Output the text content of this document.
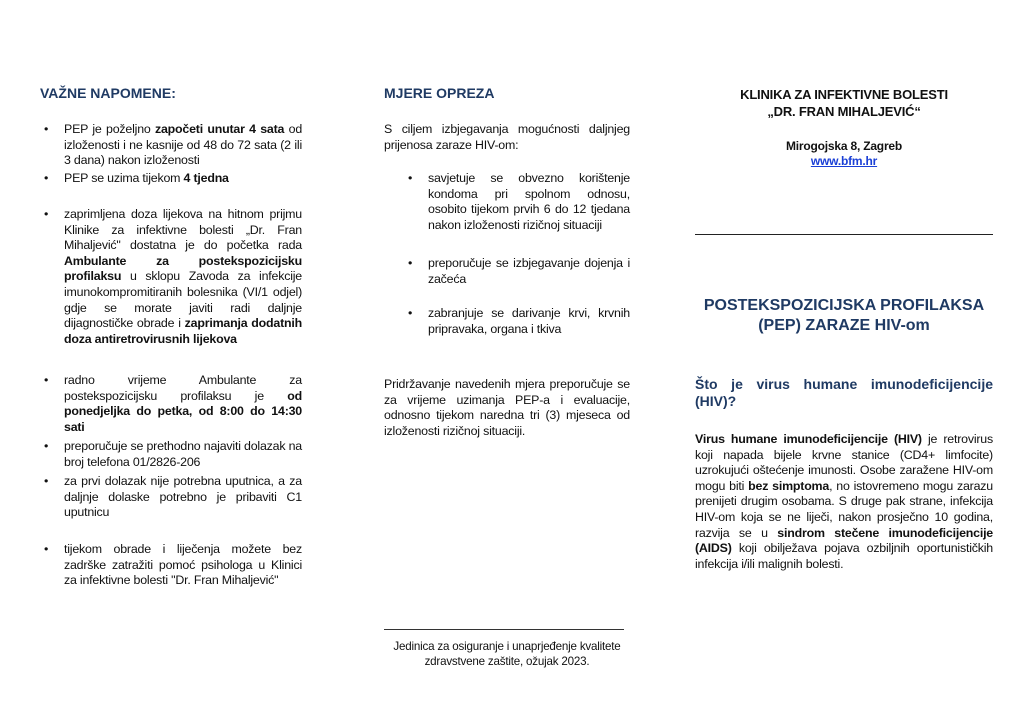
VAŽNE NAPOMENE:
• PEP je poželjno započeti unutar 4 sata od izloženosti i ne kasnije od 48 do 72 sata (2 ili 3 dana) nakon izloženosti
• PEP se uzima tijekom 4 tjedna
• zaprimljena doza lijekova na hitnom prijmu Klinike za infektivne bolesti „Dr. Fran Mihaljević" dostatna je do početka rada Ambulante za postekspozicijsku profilaksu u sklopu Zavoda za infekcije imunokompromitiranih bolesnika (VI/1 odjel) gdje se morate javiti radi daljnje dijagnostičke obrade i zaprimanja dodatnih doza antiretrovirusnih lijekova
• radno vrijeme Ambulante za postekspozicijsku profilaksu je od ponedjeljka do petka, od 8:00 do 14:30 sati
• preporučuje se prethodno najaviti dolazak na broj telefona 01/2826-206
• za prvi dolazak nije potrebna uputnica, a za daljnje dolaske potrebno je pribaviti C1 uputnicu
• tijekom obrade i liječenja možete bez zadrške zatražiti pomoć psihologa u Klinici za infektivne bolesti "Dr. Fran Mihaljević"
MJERE OPREZA
S ciljem izbjegavanja mogućnosti daljnjeg prijenosa zaraze HIV-om:
• savjetuje se obvezno korištenje kondoma pri spolnom odnosu, osobito tijekom prvih 6 do 12 tjedana nakon izloženosti rizičnoj situaciji
• preporučuje se izbjegavanje dojenja i začeća
• zabranjuje se darivanje krvi, krvnih pripravaka, organa i tkiva
Pridržavanje navedenih mjera preporučuje se za vrijeme uzimanja PEP-a i evaluacije, odnosno tijekom naredna tri (3) mjeseca od izloženosti rizičnoj situaciji.
Jedinica za osiguranje i unaprjeđenje kvalitete
zdravstvene zaštite, ožujak 2023.
KLINIKA ZA INFEKTIVNE BOLESTI
„DR. FRAN MIHALJEVIĆ“
Mirogojska 8, Zagreb
www.bfm.hr
POSTEKSPOZICIJSKA PROFILAKSA
(PEP) ZARAZE HIV-om
Što je virus humane imunodeficijencije (HIV)?
Virus humane imunodeficijencije (HIV) je retrovirus koji napada bijele krvne stanice (CD4+ limfocite) uzrokujući oštećenje imunosti. Osobe zaražene HIV-om mogu biti bez simptoma, no istovremeno mogu zarazu prenijeti drugim osobama. S druge pak strane, infekcija HIV-om koja se ne liječi, nakon prosječno 10 godina, razvija se u sindrom stečene imunodeficijencije (AIDS) koji obilježava pojava ozbiljnih oportunističkih infekcija i/ili malignih bolesti.
